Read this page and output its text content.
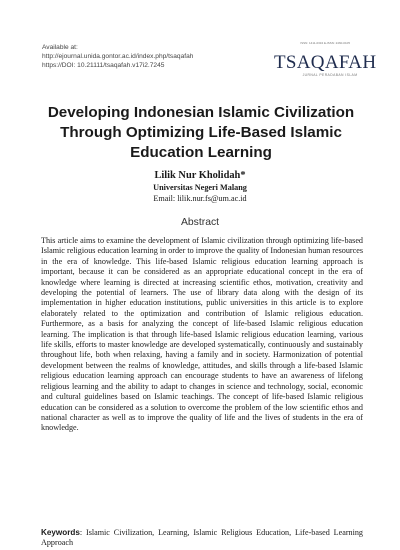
Available at:
http://ejournal.unida.gontor.ac.id/index.php/tsaqafah
https://DOI: 10.21111/tsaqafah.v17i2.7245
ISSN: 1411-0334 E-ISSN: 2460-0105
TSAQAFAH
JURNAL PERADABAN ISLAM
Developing Indonesian Islamic Civilization Through Optimizing Life-Based Islamic Education Learning
Lilik Nur Kholidah*
Universitas Negeri Malang
Email: lilik.nur.fs@um.ac.id
Abstract

This article aims to examine the development of Islamic civilization through optimizing life-based Islamic religious education learning in order to improve the quality of Indonesian human resources in the era of knowledge. This life-based Islamic religious education learning approach is important, because it can be considered as an appropriate educational concept in the era of knowledge where learning is directed at increasing scientific ethos, motivation, creativity and developing the potential of learners. The use of library data along with the design of its implementation in higher education institutions, public universities in this article is to explore elaborately related to the optimization and contribution of Islamic religious education. Furthermore, as a basis for analyzing the concept of life-based Islamic religious education learning. The implication is that through life-based Islamic religious education learning, various life skills, efforts to master knowledge are developed systematically, continuously and sustainably throughout life, both when relaxing, having a family and in society. Harmonization of potential development between the realms of knowledge, attitudes, and skills through a life-based Islamic religious education learning approach can encourage students to have an awareness of lifelong religious learning and the ability to adapt to changes in science and technology, social, economic and cultural guidelines based on Islamic teachings. The concept of life-based Islamic religious education can be considered as a solution to overcome the problem of the low scientific ethos and national character as well as to improve the quality of life and the lives of students in the era of knowledge.

Keywords: Islamic Civilization, Learning, Islamic Religious Education, Life-based Learning Approach
